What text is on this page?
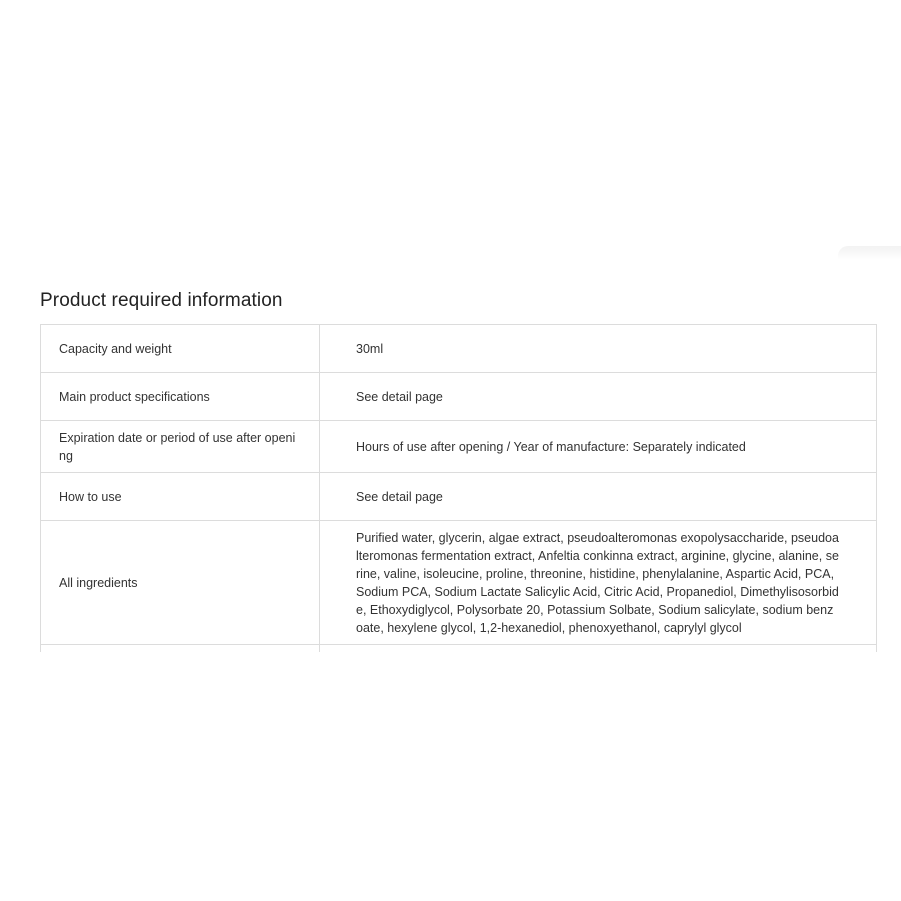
Product required information
Capacity and weight	30ml
Main product specifications	See detail page
Expiration date or period of use after opening	Hours of use after opening / Year of manufacture: Separately indicated
How to use	See detail page
All ingredients	Purified water, glycerin, algae extract, pseudoalteromonas exopolysaccharide, pseudoalteromonas fermentation extract, Anfeltia conkinna extract, arginine, glycine, alanine, serine, valine, isoleucine, proline, threonine, histidine, phenylalanine, Aspartic Acid, PCA, Sodium PCA, Sodium Lactate Salicylic Acid, Citric Acid, Propanediol, Dimethylisosorbide, Ethoxydiglycol, Polysorbate 20, Potassium Solbate, Sodium salicylate, sodium benzoate, hexylene glycol, 1,2-hexanediol, phenoxyethanol, caprylyl glycol
